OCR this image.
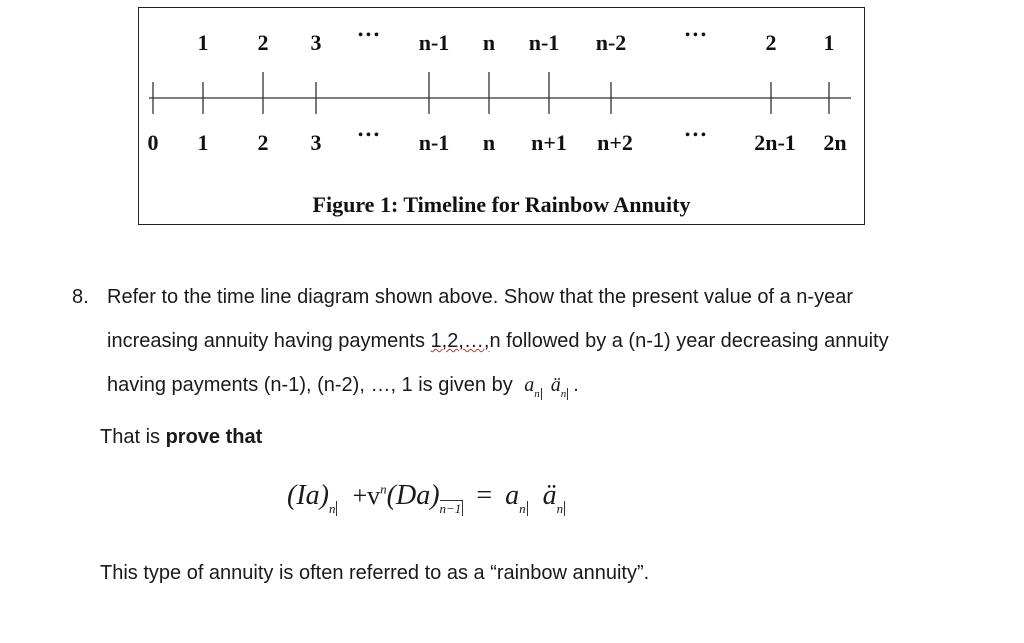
1 2 3	••• n-1 n n-1 n-2	•••	2 1
0 1 2 3	••• n-1 n n+1 n+2	••• 2n-1 2n
Figure 1: Timeline for Rainbow Annuity
8. Refer to the time line diagram shown above. Show that the present value of a n-year
increasing annuity having payments 1,2,…,n followed by a (n-1) year decreasing annuity
having payments (n-1), (n-2), …, 1 is given by $a_n$ $ä_n$ .
That is prove that
$(Ia)_n +v^n(Da)_{n-1} = a_n$ $ä_n$
This type of annuity is often referred to as a “rainbow annuity”.
